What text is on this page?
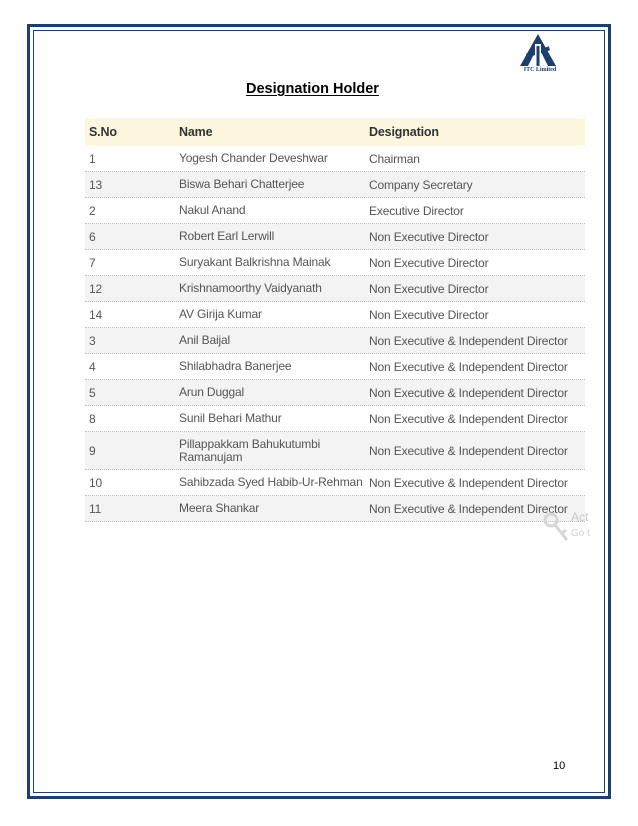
ITC Limited
Designation Holder
S.No	Name	Designation
1	Yogesh Chander Deveshwar	Chairman
13	Biswa Behari Chatterjee	Company Secretary
2	Nakul Anand	Executive Director
6	Robert Earl Lerwill	Non Executive Director
7	Suryakant Balkrishna Mainak	Non Executive Director
12	Krishnamoorthy Vaidyanath	Non Executive Director
14	AV Girija Kumar	Non Executive Director
3	Anil Baijal	Non Executive & Independent Director
4	Shilabhadra Banerjee	Non Executive & Independent Director
5	Arun Duggal	Non Executive & Independent Director
8	Sunil Behari Mathur	Non Executive & Independent Director
9	Pillappakkam Bahukutumbi Ramanujam	Non Executive & Independent Director
10	Sahibzada Syed Habib-Ur-Rehman Non Executive & Independent Director
11	Meera Shankar	Non Executive & Independent Director
Act
Go t
10
